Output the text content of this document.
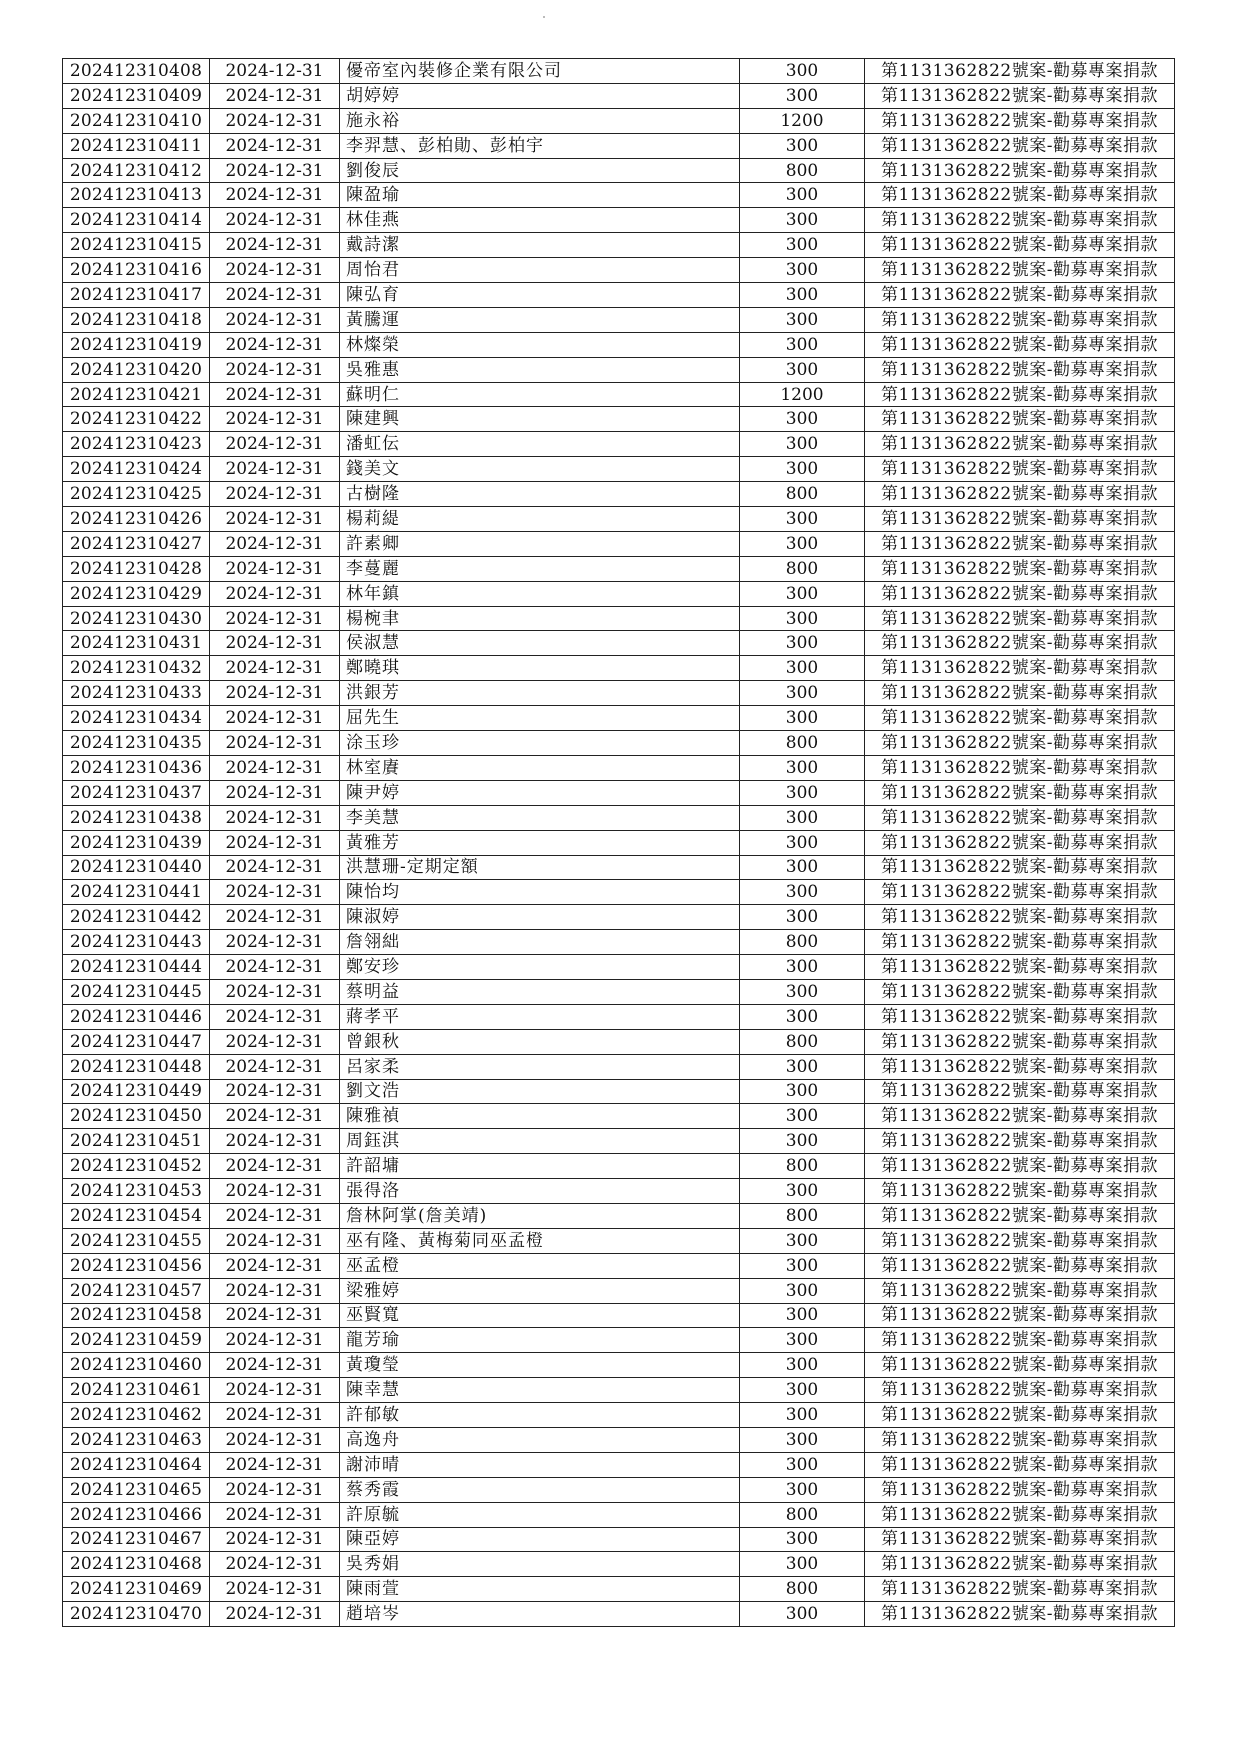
202412310408	2024-12-31	優帝室內裝修企業有限公司	300	第1131362822號案-勸募專案捐款
202412310409	2024-12-31	胡婷婷	300	第1131362822號案-勸募專案捐款
202412310410	2024-12-31	施永裕	1200	第1131362822號案-勸募專案捐款
202412310411	2024-12-31	李羿慧、彭柏勛、彭柏宇	300	第1131362822號案-勸募專案捐款
202412310412	2024-12-31	劉俊辰	800	第1131362822號案-勸募專案捐款
202412310413	2024-12-31	陳盈瑜	300	第1131362822號案-勸募專案捐款
202412310414	2024-12-31	林佳燕	300	第1131362822號案-勸募專案捐款
202412310415	2024-12-31	戴詩潔	300	第1131362822號案-勸募專案捐款
202412310416	2024-12-31	周怡君	300	第1131362822號案-勸募專案捐款
202412310417	2024-12-31	陳弘育	300	第1131362822號案-勸募專案捐款
202412310418	2024-12-31	黃騰運	300	第1131362822號案-勸募專案捐款
202412310419	2024-12-31	林燦榮	300	第1131362822號案-勸募專案捐款
202412310420	2024-12-31	吳雅惠	300	第1131362822號案-勸募專案捐款
202412310421	2024-12-31	蘇明仁	1200	第1131362822號案-勸募專案捐款
202412310422	2024-12-31	陳建興	300	第1131362822號案-勸募專案捐款
202412310423	2024-12-31	潘虹伝	300	第1131362822號案-勸募專案捐款
202412310424	2024-12-31	錢美文	300	第1131362822號案-勸募專案捐款
202412310425	2024-12-31	古樹隆	800	第1131362822號案-勸募專案捐款
202412310426	2024-12-31	楊莉緹	300	第1131362822號案-勸募專案捐款
202412310427	2024-12-31	許素卿	300	第1131362822號案-勸募專案捐款
202412310428	2024-12-31	李蔓麗	800	第1131362822號案-勸募專案捐款
202412310429	2024-12-31	林年鎮	300	第1131362822號案-勸募專案捐款
202412310430	2024-12-31	楊椀聿	300	第1131362822號案-勸募專案捐款
202412310431	2024-12-31	侯淑慧	300	第1131362822號案-勸募專案捐款
202412310432	2024-12-31	鄭曉琪	300	第1131362822號案-勸募專案捐款
202412310433	2024-12-31	洪銀芳	300	第1131362822號案-勸募專案捐款
202412310434	2024-12-31	屈先生	300	第1131362822號案-勸募專案捐款
202412310435	2024-12-31	涂玉珍	800	第1131362822號案-勸募專案捐款
202412310436	2024-12-31	林室賡	300	第1131362822號案-勸募專案捐款
202412310437	2024-12-31	陳尹婷	300	第1131362822號案-勸募專案捐款
202412310438	2024-12-31	李美慧	300	第1131362822號案-勸募專案捐款
202412310439	2024-12-31	黃雅芳	300	第1131362822號案-勸募專案捐款
202412310440	2024-12-31	洪慧珊-定期定額	300	第1131362822號案-勸募專案捐款
202412310441	2024-12-31	陳怡均	300	第1131362822號案-勸募專案捐款
202412310442	2024-12-31	陳淑婷	300	第1131362822號案-勸募專案捐款
202412310443	2024-12-31	詹翎絀	800	第1131362822號案-勸募專案捐款
202412310444	2024-12-31	鄭安珍	300	第1131362822號案-勸募專案捐款
202412310445	2024-12-31	蔡明益	300	第1131362822號案-勸募專案捐款
202412310446	2024-12-31	蔣孝平	300	第1131362822號案-勸募專案捐款
202412310447	2024-12-31	曾銀秋	800	第1131362822號案-勸募專案捐款
202412310448	2024-12-31	呂家柔	300	第1131362822號案-勸募專案捐款
202412310449	2024-12-31	劉文浩	300	第1131362822號案-勸募專案捐款
202412310450	2024-12-31	陳雅禎	300	第1131362822號案-勸募專案捐款
202412310451	2024-12-31	周鈺淇	300	第1131362822號案-勸募專案捐款
202412310452	2024-12-31	許韶墉	800	第1131362822號案-勸募專案捐款
202412310453	2024-12-31	張得洛	300	第1131362822號案-勸募專案捐款
202412310454	2024-12-31	詹林阿掌(詹美靖)	800	第1131362822號案-勸募專案捐款
202412310455	2024-12-31	巫有隆、黃梅菊同巫孟橙	300	第1131362822號案-勸募專案捐款
202412310456	2024-12-31	巫孟橙	300	第1131362822號案-勸募專案捐款
202412310457	2024-12-31	梁雅婷	300	第1131362822號案-勸募專案捐款
202412310458	2024-12-31	巫賢寬	300	第1131362822號案-勸募專案捐款
202412310459	2024-12-31	龍芳瑜	300	第1131362822號案-勸募專案捐款
202412310460	2024-12-31	黃瓊瑩	300	第1131362822號案-勸募專案捐款
202412310461	2024-12-31	陳幸慧	300	第1131362822號案-勸募專案捐款
202412310462	2024-12-31	許郁敏	300	第1131362822號案-勸募專案捐款
202412310463	2024-12-31	高逸舟	300	第1131362822號案-勸募專案捐款
202412310464	2024-12-31	謝沛晴	300	第1131362822號案-勸募專案捐款
202412310465	2024-12-31	蔡秀霞	300	第1131362822號案-勸募專案捐款
202412310466	2024-12-31	許原毓	800	第1131362822號案-勸募專案捐款
202412310467	2024-12-31	陳亞婷	300	第1131362822號案-勸募專案捐款
202412310468	2024-12-31	吳秀娟	300	第1131362822號案-勸募專案捐款
202412310469	2024-12-31	陳雨萱	800	第1131362822號案-勸募專案捐款
202412310470	2024-12-31	趙培岑	300	第1131362822號案-勸募專案捐款
